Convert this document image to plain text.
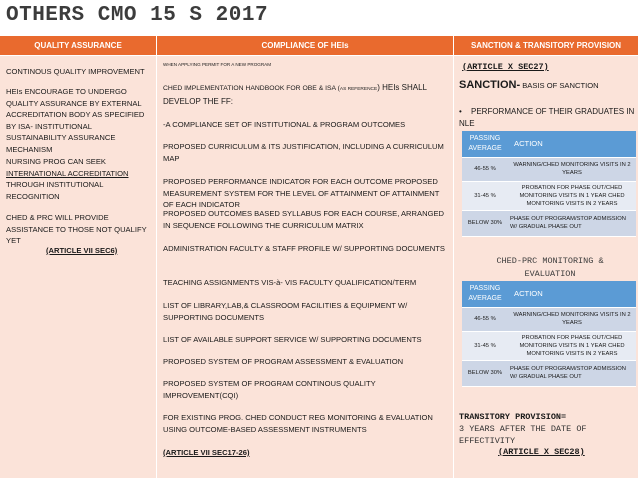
OTHERS CMO 15 S 2017
QUALITY ASSURANCE	COMPLIANCE OF HEIs	SANCTION & TRANSITORY PROVISION
CONTINOUS QUALITY IMPROVEMENT
HEIs ENCOURAGE TO UNDERGO QUALITY ASSURANCE BY EXTERNAL ACCREDITATION BODY AS SPECIFIED BY ISA- INSTITUTIONAL SUSTAINABILITY ASSURANCE MECHANISM
NURSING PROG CAN SEEK
INTERNATIONAL ACCREDITATION
THROUGH INSTITUTIONAL RECOGNITION
CHED & PRC WILL PROVIDE ASSISTANCE TO THOSE NOT QUALIFY YET
(ARTICLE VII SEC6)
WHEN APPLYING PERMIT FOR A NEW PROGRAM
CHED IMPLEMENTATION HANDBOOK FOR OBE & ISA (AS REFERENCE) HEIs SHALL DEVELOP THE FF:
-A COMPLIANCE SET OF INSTITUTIONAL & PROGRAM OUTCOMES
PROPOSED CURRICULUM & ITS JUSTIFICATION, INCLUDING A CURRICULUM MAP
PROPOSED PERFORMANCE INDICATOR FOR EACH OUTCOME PROPOSED MEASUREMENT SYSTEM FOR THE LEVEL OF ATTAINMENT OF ATTAINMENT OF EACH INDICATOR
PROPOSED OUTCOMES BASED SYLLABUS FOR EACH COURSE, ARRANGED IN SEQUENCE FOLLOWING THE CURRICULUM MATRIX
ADMINISTRATION FACULTY & STAFF PROFILE W/ SUPPORTING DOCUMENTS
TEACHING ASSIGNMENTS VIS-à- VIS FACULTY QUALIFICATION/TERM
LIST OF LIBRARY,LAB,& CLASSROOM FACILITIES & EQUIPMENT W/ SUPPORTING DOCUMENTS
LIST OF AVAILABLE SUPPORT SERVICE W/ SUPPORTING DOCUMENTS
PROPOSED SYSTEM OF PROGRAM ASSESSMENT & EVALUATION
PROPOSED SYSTEM OF PROGRAM CONTINOUS QUALITY IMPROVEMENT(CQI)
FOR EXISTING PROG. CHED CONDUCT REG MONITORING & EVALUATION USING OUTCOME-BASED ASSESSMENT INSTRUMENTS
(ARTICLE VII SEC17-26)
(ARTICLE X SEC27)
SANCTION- BASIS OF SANCTION
• PERFORMANCE OF THEIR GRADUATES IN NLE
PASSING AVERAGE	ACTION
46-55 %	WARNING/CHED MONITORING VISITS IN 2 YEARS
31-45 %	PROBATION FOR PHASE OUT/CHED MONITORING VISITS IN 1 YEAR CHED MONITORING VISITS IN 2 YEARS
BELOW 30%	PHASE OUT PROGRAM/STOP ADMISSION W/ GRADUAL PHASE OUT
CHED-PRC MONITORING & EVALUATION
PASSING AVERAGE	ACTION
46-55 %	WARNING/CHED MONITORING VISITS IN 2 YEARS
31-45 %	PROBATION FOR PHASE OUT/CHED MONITORING VISITS IN 1 YEAR CHED MONITORING VISITS IN 2 YEARS
BELOW 30%	PHASE OUT PROGRAM/STOP ADMISSION W/ GRADUAL PHASE OUT
TRANSITORY PROVISION=
3 YEARS AFTER THE DATE OF EFFECTIVITY
(ARTICLE X SEC28)
